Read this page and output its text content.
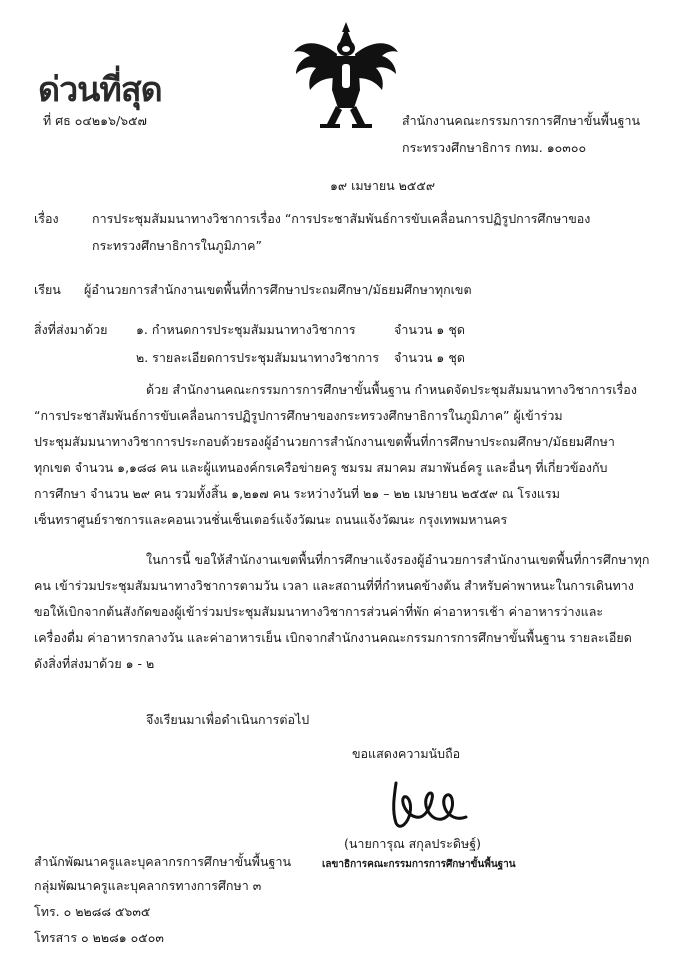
ด่วนที่สุด
ที่ ศธ ๐๔๒๑๖/๖๕๗	สำนักงานคณะกรรมการการศึกษาขั้นพื้นฐาน
กระทรวงศึกษาธิการ กทม. ๑๐๓๐๐
๑๙ เมษายน ๒๕๕๙
เรื่อง	การประชุมสัมมนาทางวิชาการเรื่อง “การประชาสัมพันธ์การขับเคลื่อนการปฏิรูปการศึกษาของ
กระทรวงศึกษาธิการในภูมิภาค”
เรียน ผู้อำนวยการสำนักงานเขตพื้นที่การศึกษาประถมศึกษา/มัธยมศึกษาทุกเขต
สิ่งที่ส่งมาด้วย ๑. กำหนดการประชุมสัมมนาทางวิชาการ	จำนวน ๑ ชุด
๒. รายละเอียดการประชุมสัมมนาทางวิชาการ จำนวน ๑ ชุด
ด้วย สำนักงานคณะกรรมการการศึกษาขั้นพื้นฐาน กำหนดจัดประชุมสัมมนาทางวิชาการเรื่อง
“การประชาสัมพันธ์การขับเคลื่อนการปฏิรูปการศึกษาของกระทรวงศึกษาธิการในภูมิภาค” ผู้เข้าร่วม
ประชุมสัมมนาทางวิชาการประกอบด้วยรองผู้อำนวยการสำนักงานเขตพื้นที่การศึกษาประถมศึกษา/มัธยมศึกษา
ทุกเขต จำนวน ๑,๑๘๘ คน และผู้แทนองค์กรเครือข่ายครู ชมรม สมาคม สมาพันธ์ครู และอื่นๆ ที่เกี่ยวข้องกับ
การศึกษา จำนวน ๒๙ คน รวมทั้งสิ้น ๑,๒๑๗ คน ระหว่างวันที่ ๒๑ – ๒๒ เมษายน ๒๕๕๙ ณ โรงแรม
เซ็นทราศูนย์ราชการและคอนเวนชั่นเซ็นเตอร์แจ้งวัฒนะ ถนนแจ้งวัฒนะ กรุงเทพมหานคร
ในการนี้ ขอให้สำนักงานเขตพื้นที่การศึกษาแจ้งรองผู้อำนวยการสำนักงานเขตพื้นที่การศึกษาทุก
คน เข้าร่วมประชุมสัมมนาทางวิชาการตามวัน เวลา และสถานที่ที่กำหนดข้างต้น สำหรับค่าพาหนะในการเดินทาง
ขอให้เบิกจากต้นสังกัดของผู้เข้าร่วมประชุมสัมมนาทางวิชาการส่วนค่าที่พัก ค่าอาหารเช้า ค่าอาหารว่างและ
เครื่องดื่ม ค่าอาหารกลางวัน และค่าอาหารเย็น เบิกจากสำนักงานคณะกรรมการการศึกษาขั้นพื้นฐาน รายละเอียด
ดังสิ่งที่ส่งมาด้วย ๑ - ๒
จึงเรียนมาเพื่อดำเนินการต่อไป
ขอแสดงความนับถือ
(นายการุณ สกุลประดิษฐ์)
เลขาธิการคณะกรรมการการศึกษาขั้นพื้นฐาน
สำนักพัฒนาครูและบุคลากรการศึกษาขั้นพื้นฐาน
กลุ่มพัฒนาครูและบุคลากรทางการศึกษา ๓
โทร. ๐ ๒๒๘๘ ๕๖๓๕
โทรสาร ๐ ๒๒๘๑ ๐๕๐๓
